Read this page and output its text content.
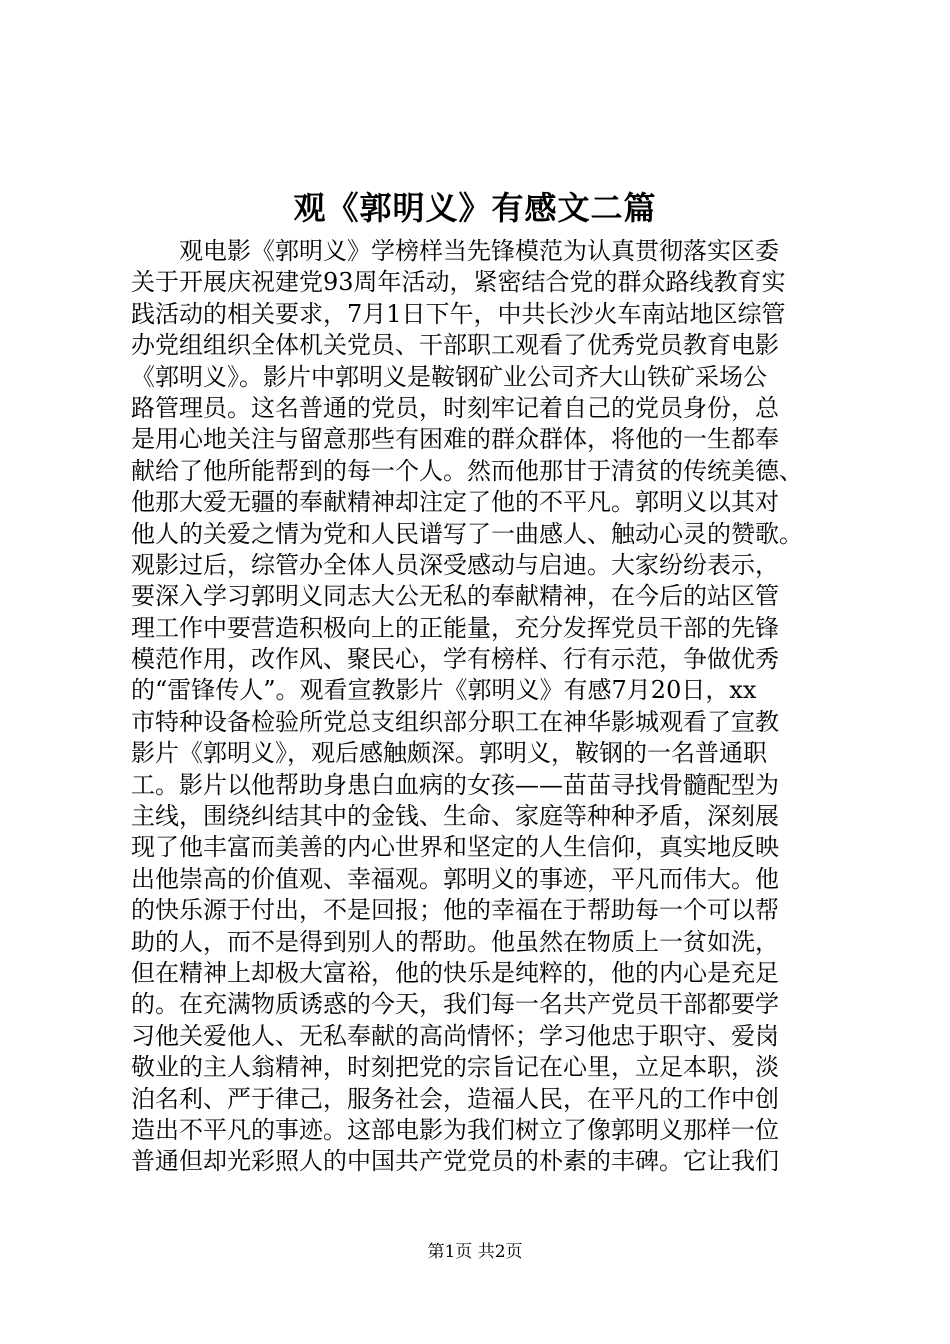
观《郭明义》有感文二篇
　　观电影《郭明义》学榜样当先锋模范为认真贯彻落实区委
关于开展庆祝建党93周年活动，紧密结合党的群众路线教育实
践活动的相关要求，7月1日下午，中共长沙火车南站地区综管
办党组组织全体机关党员、干部职工观看了优秀党员教育电影
《郭明义》。影片中郭明义是鞍钢矿业公司齐大山铁矿采场公
路管理员。这名普通的党员，时刻牢记着自己的党员身份，总
是用心地关注与留意那些有困难的群众群体，将他的一生都奉
献给了他所能帮到的每一个人。然而他那甘于清贫的传统美德、
他那大爱无疆的奉献精神却注定了他的不平凡。郭明义以其对
他人的关爱之情为党和人民谱写了一曲感人、触动心灵的赞歌。
观影过后，综管办全体人员深受感动与启迪。大家纷纷表示，
要深入学习郭明义同志大公无私的奉献精神，在今后的站区管
理工作中要营造积极向上的正能量，充分发挥党员干部的先锋
模范作用，改作风、聚民心，学有榜样、行有示范，争做优秀
的“雷锋传人”。观看宣教影片《郭明义》有感7月20日，xx
市特种设备检验所党总支组织部分职工在神华影城观看了宣教
影片《郭明义》，观后感触颇深。郭明义，鞍钢的一名普通职
工。影片以他帮助身患白血病的女孩——苗苗寻找骨髓配型为
主线，围绕纠结其中的金钱、生命、家庭等种种矛盾，深刻展
现了他丰富而美善的内心世界和坚定的人生信仰，真实地反映
出他崇高的价值观、幸福观。郭明义的事迹，平凡而伟大。他
的快乐源于付出，不是回报；他的幸福在于帮助每一个可以帮
助的人，而不是得到别人的帮助。他虽然在物质上一贫如洗，
但在精神上却极大富裕，他的快乐是纯粹的，他的内心是充足
的。在充满物质诱惑的今天，我们每一名共产党员干部都要学
习他关爱他人、无私奉献的高尚情怀；学习他忠于职守、爱岗
敬业的主人翁精神，时刻把党的宗旨记在心里，立足本职，淡
泊名利、严于律己，服务社会，造福人民，在平凡的工作中创
造出不平凡的事迹。这部电影为我们树立了像郭明义那样一位
普通但却光彩照人的中国共产党党员的朴素的丰碑。它让我们
第1页 共2页
